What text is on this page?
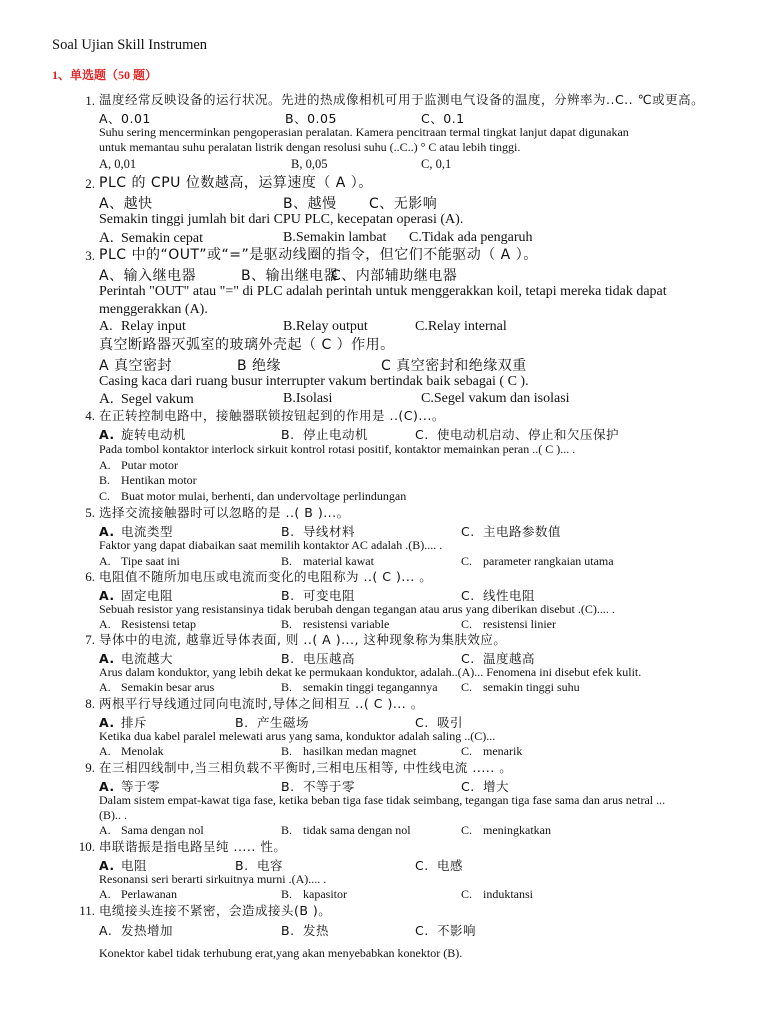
Soal Ujian Skill Instrumen
1、单选题（50 题）
1. 温度经常反映设备的运行状况。先进的热成像相机可用于监测电气设备的温度，分辨率为..C.. ℃或更高。
A、0.01	B、0.05	C、0.1
Suhu sering mencerminkan pengoperasian peralatan. Kamera pencitraan termal tingkat lanjut dapat digunakan
untuk memantau suhu peralatan listrik dengan resolusi suhu (..C..) ° C atau lebih tinggi.
A, 0,01	B, 0,05	C, 0,1
2. PLC 的 CPU 位数越高，运算速度（ A ）。
A、越快	B、越慢 C、无影响
Semakin tinggi jumlah bit dari CPU PLC, kecepatan operasi (A).
A. Semakin cepat	B.Semakin lambat C.Tidak ada pengaruh
3. PLC 中的“OUT”或“=”是驱动线圈的指令，但它们不能驱动（ A ）。
A、输入继电器	B、输出继电器
C、内部辅助继电器
Perintah "OUT" atau "=" di PLC adalah perintah untuk menggerakkan koil, tetapi mereka tidak dapat
menggerakkan (A).
A. Relay input	B.Relay output	C.Relay internal
真空断路器灭弧室的玻璃外壳起（ C ）作用。
A 真空密封	B 绝缘	C 真空密封和绝缘双重
Casing kaca dari ruang busur interrupter vakum bertindak baik sebagai ( C ).
A. Segel vakum	B.Isolasi	C.Segel vakum dan isolasi
4. 在正转控制电路中，接触器联锁按钮起到的作用是 ..(C)...。
A. 旋转电动机	B. 停止电动机	C. 使电动机启动、停止和欠压保护
Pada tombol kontaktor interlock sirkuit kontrol rotasi positif, kontaktor memainkan peran ..( C )... .
A. Putar motor
B. Hentikan motor
C. Buat motor mulai, berhenti, dan undervoltage perlindungan
5. 选择交流接触器时可以忽略的是 ..( B )...。
A. 电流类型	B. 导线材料	C. 主电路参数值
Faktor yang dapat diabaikan saat memilih kontaktor AC adalah .(B).... .
A. Tipe saat ini	B. material kawat	C. parameter rangkaian utama
6. 电阻值不随所加电压或电流而变化的电阻称为 ..( C )... 。
A. 固定电阻	B. 可变电阻	C. 线性电阻
Sebuah resistor yang resistansinya tidak berubah dengan tegangan atau arus yang diberikan disebut .(C).... .
A. Resistensi tetap	B. resistensi variable	C. resistensi linier
7. 导体中的电流, 越靠近导体表面, 则 ..( A )..., 这种现象称为集肤效应。
A. 电流越大	B. 电压越高	C. 温度越高
Arus dalam konduktor, yang lebih dekat ke permukaan konduktor, adalah..(A)... Fenomena ini disebut efek kulit.
A. Semakin besar arus	B. semakin tinggi tegangannya C. semakin tinggi suhu
8. 两根平行导线通过同向电流时,导体之间相互 ..( C )... 。
A. 排斥	B. 产生磁场	C. 吸引
Ketika dua kabel paralel melewati arus yang sama, konduktor adalah saling ..(C)...
A. Menolak	B. hasilkan medan magnet	C. menarik
9. 在三相四线制中,当三相负载不平衡时,三相电压相等, 中性线电流 ..... 。
A. 等于零	B. 不等于零	C. 增大
Dalam sistem empat-kawat tiga fase, ketika beban tiga fase tidak seimbang, tegangan tiga fase sama dan arus netral ...
(B).. .
A. Sama dengan nol	B. tidak sama dengan nol	C. meningkatkan
10. 串联谐振是指电路呈纯 ..... 性。
A. 电阻	B. 电容	C. 电感
Resonansi seri berarti sirkuitnya murni .(A).... .
A. Perlawanan	B. kapasitor	C. induktansi
11. 电缆接头连接不紧密，会造成接头(B )。
A. 发热增加	B. 发热	C. 不影响
Konektor kabel tidak terhubung erat,yang akan menyebabkan konektor (B).
